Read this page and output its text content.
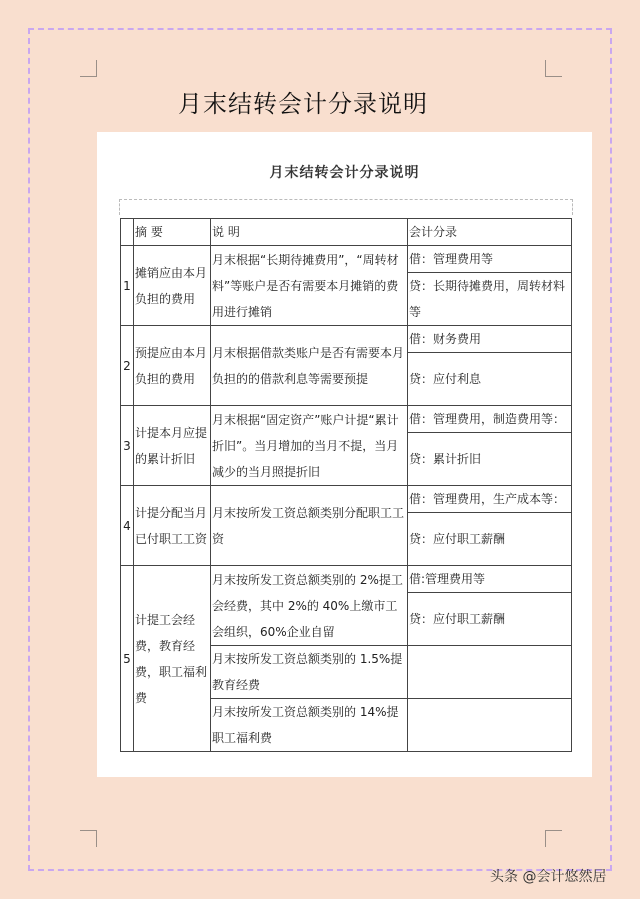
月末结转会计分录说明
月末结转会计分录说明
	摘 要	说 明	会计分录
1	摊销应由本月负担的费用	月末根据“长期待摊费用”，“周转材料”等账户是否有需要本月摊销的费用进行摊销	借：管理费用等
			贷：长期待摊费用，周转材料等
2	预提应由本月负担的费用	月末根据借款类账户是否有需要本月负担的的借款利息等需要预提	借：财务费用
			贷：应付利息
3	计提本月应提的累计折旧	月末根据“固定资产”账户计提“累计折旧”。当月增加的当月不提，当月减少的当月照提折旧	借：管理费用，制造费用等：
			贷：累计折旧
4	计提分配当月已付职工工资	月末按所发工资总额类别分配职工工资	借：管理费用，生产成本等：
			贷：应付职工薪酬
5	计提工会经费，教育经费，职工福利费	月末按所发工资总额类别的 2%提工会经费，其中 2%的 40%上缴市工会组织，60%企业自留	借:管理费用等
			贷：应付职工薪酬
		月末按所发工资总额类别的 1.5%提教育经费	
		月末按所发工资总额类别的 14%提职工福利费	
头条 @会计悠然居
